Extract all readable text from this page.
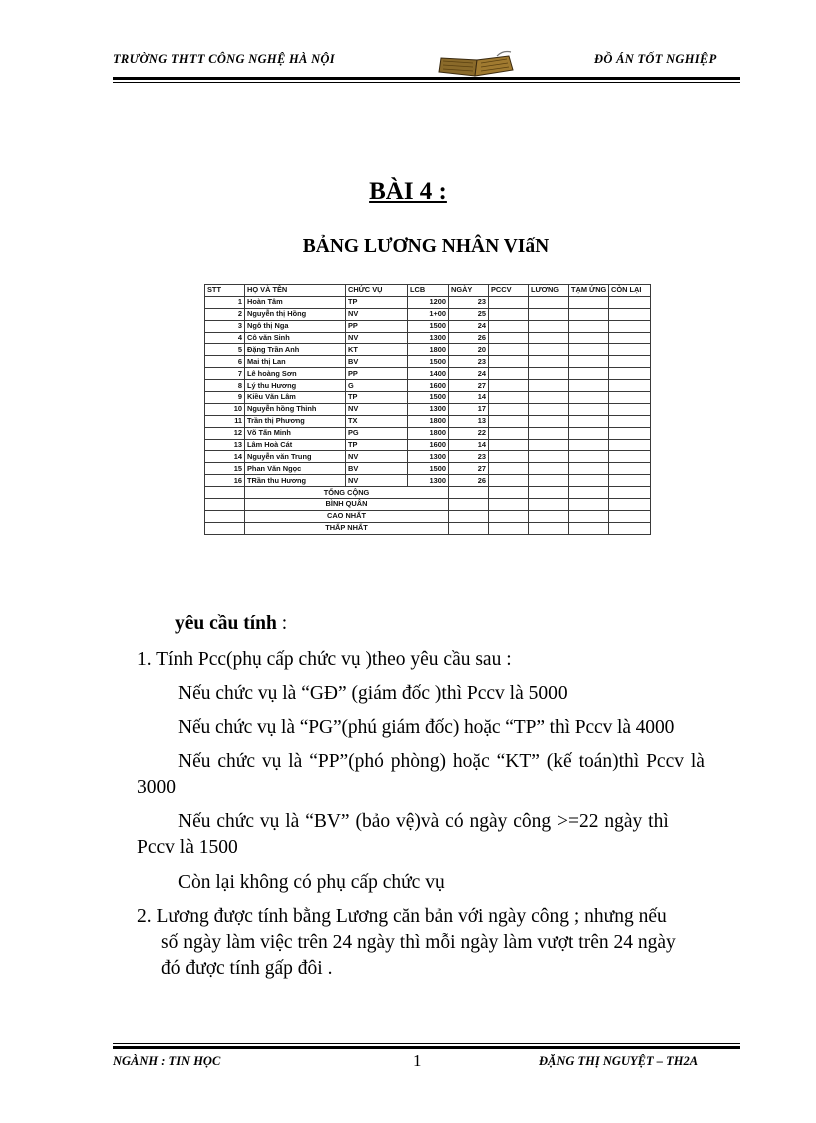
TRƯỜNG THTT CÔNG NGHỆ HÀ NỘI	ĐỒ ÁN TỐT NGHIỆP
BÀI 4 :
BẢNG LƯƠNG NHÂN VIấN
STT	HỌ VÀ TÊN	CHỨC VỤ	LCB	NGÀY	PCCV	LƯƠNG	TẠM ỨNG	CÒN LẠI
1	Hoàn Tâm	TP	1200	23				
2	Nguyễn thị Hồng	NV	1+00	25				
3	Ngô thị Nga	PP	1500	24				
4	Cô văn Sinh	NV	1300	26				
5	Đặng Trần Anh	KT	1800	20				
6	Mai thị Lan	BV	1500	23				
7	Lê hoàng Sơn	PP	1400	24				
8	Lý thu Hương	G	1600	27				
9	Kiều Văn Lâm	TP	1500	14				
10	Nguyễn hồng Thỉnh	NV	1300	17				
11	Trần thị Phương	TX	1800	13				
12	Võ Tấn Minh	PG	1800	22				
13	Lâm Hoà Cát	TP	1600	14				
14	Nguyễn văn Trung	NV	1300	23				
15	Phan Văn Ngọc	BV	1500	27				
16	TRần thu Hương	NV	1300	26				
	TỔNG CỘNG							
	BÌNH QUÂN							
	CAO NHẤT							
	THẤP NHẤT							
yêu cầu tính :
1. Tính Pcc(phụ cấp chức vụ )theo yêu cầu sau :
Nếu chức vụ là “GĐ” (giám đốc )thì Pccv là 5000
Nếu chức vụ là “PG”(phú giám đốc) hoặc “TP” thì Pccv là 4000
Nếu chức vụ là “PP”(phó phòng) hoặc “KT” (kế toán)thì Pccv là
3000
Nếu chức vụ là “BV” (bảo vệ)và có ngày công >=22 ngày thì
Pccv là 1500
Còn lại không có phụ cấp chức vụ
2. Lương được tính bằng Lương căn bản với ngày công ; nhưng nếu
số ngày làm việc trên 24 ngày thì mỗi ngày làm vượt trên 24 ngày
đó được tính gấp đôi .
NGÀNH : TIN HỌC	1	ĐẶNG THỊ NGUYỆT – TH2A
